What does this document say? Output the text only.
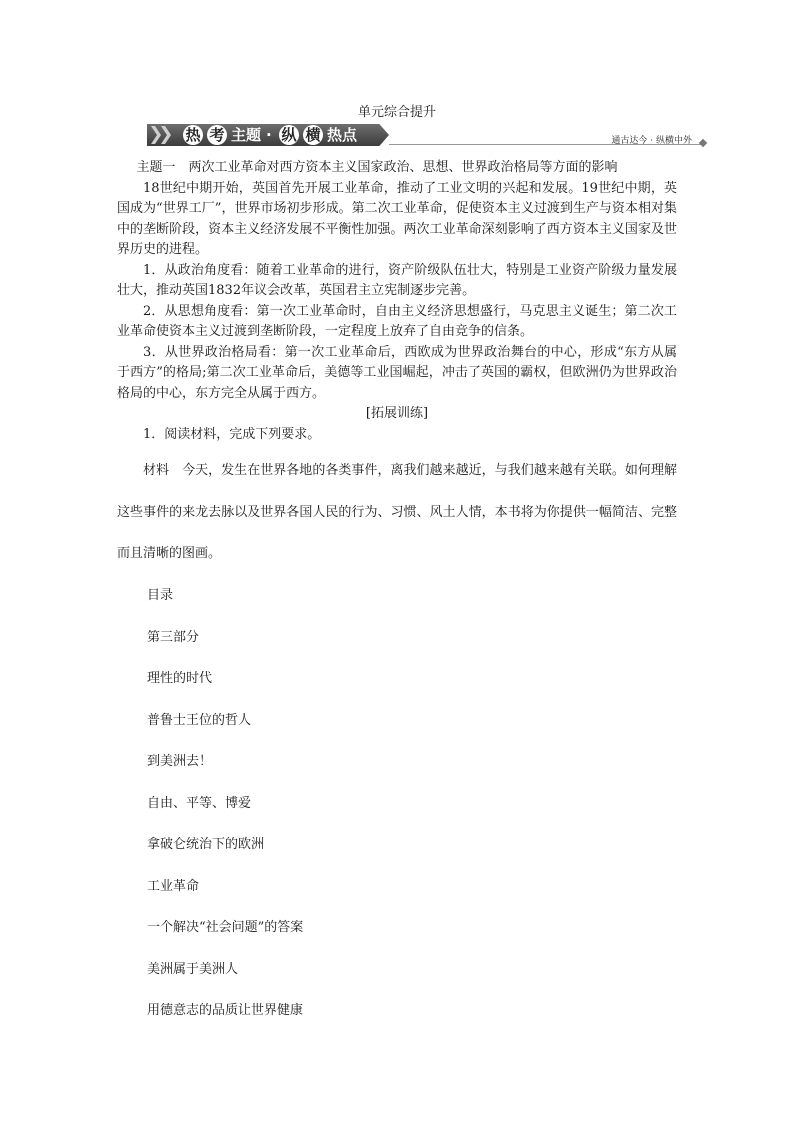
单元综合提升
热 考 主题 · 纵 横 热点	通古达今 · 纵横中外

主题一　两次工业革命对西方资本主义国家政治、思想、世界政治格局等方面的影响

18世纪中期开始，英国首先开展工业革命，推动了工业文明的兴起和发展。19世纪中期，英国成为“世界工厂”，世界市场初步形成。第二次工业革命，促使资本主义过渡到生产与资本相对集中的垄断阶段，资本主义经济发展不平衡性加强。两次工业革命深刻影响了西方资本主义国家及世界历史的进程。

1．从政治角度看：随着工业革命的进行，资产阶级队伍壮大，特别是工业资产阶级力量发展壮大，推动英国1832年议会改革，英国君主立宪制逐步完善。

2．从思想角度看：第一次工业革命时，自由主义经济思想盛行，马克思主义诞生；第二次工业革命使资本主义过渡到垄断阶段，一定程度上放弃了自由竞争的信条。

3．从世界政治格局看：第一次工业革命后，西欧成为世界政治舞台的中心，形成“东方从属于西方”的格局;第二次工业革命后，美德等工业国崛起，冲击了英国的霸权，但欧洲仍为世界政治格局的中心，东方完全从属于西方。

[拓展训练]

1．阅读材料，完成下列要求。

材料　今天，发生在世界各地的各类事件，离我们越来越近，与我们越来越有关联。如何理解这些事件的来龙去脉以及世界各国人民的行为、习惯、风土人情，本书将为你提供一幅简洁、完整而且清晰的图画。

目录
第三部分
理性的时代
普鲁士王位的哲人
到美洲去！
自由、平等、博爱
拿破仑统治下的欧洲
工业革命
一个解决“社会问题”的答案
美洲属于美洲人
用德意志的品质让世界健康
